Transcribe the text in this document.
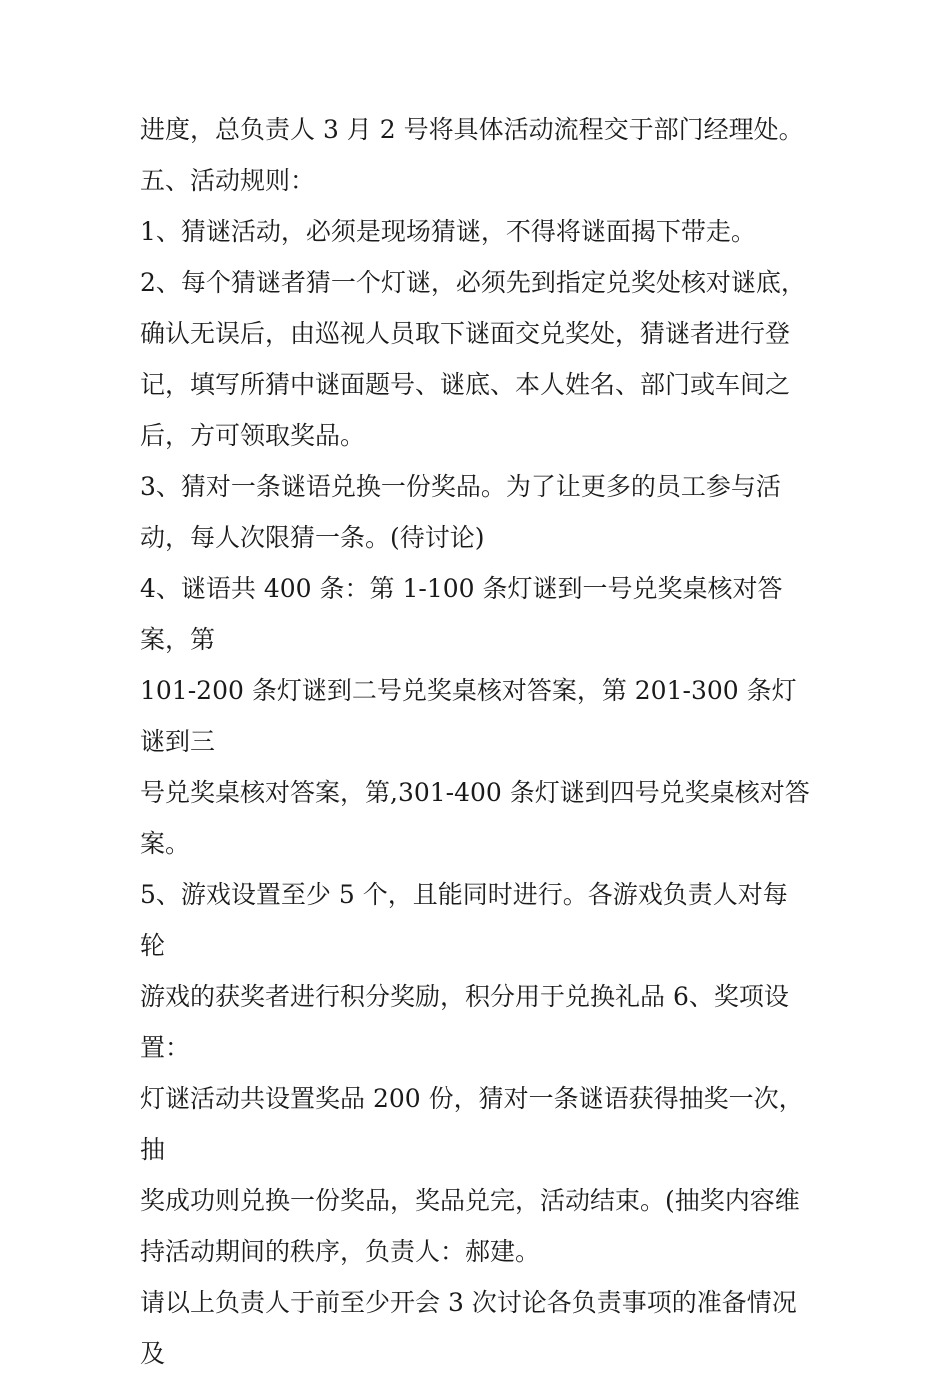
进度，总负责人 3 月 2 号将具体活动流程交于部门经理处。

五、活动规则：

1、猜谜活动，必须是现场猜谜，不得将谜面揭下带走。

2、每个猜谜者猜一个灯谜，必须先到指定兑奖处核对谜底，

确认无误后，由巡视人员取下谜面交兑奖处，猜谜者进行登

记，填写所猜中谜面题号、谜底、本人姓名、部门或车间之

后，方可领取奖品。

3、猜对一条谜语兑换一份奖品。为了让更多的员工参与活

动，每人次限猜一条。(待讨论)

4、谜语共 400 条：第 1-100 条灯谜到一号兑奖桌核对答案，第

101-200 条灯谜到二号兑奖桌核对答案，第 201-300 条灯谜到三

号兑奖桌核对答案，第,301-400 条灯谜到四号兑奖桌核对答

案。

5、游戏设置至少 5 个，且能同时进行。各游戏负责人对每轮

游戏的获奖者进行积分奖励，积分用于兑换礼品 6、奖项设

置：

灯谜活动共设置奖品 200 份，猜对一条谜语获得抽奖一次，抽

奖成功则兑换一份奖品，奖品兑完，活动结束。(抽奖内容维

持活动期间的秩序，负责人：郝建。

请以上负责人于前至少开会 3 次讨论各负责事项的准备情况及
